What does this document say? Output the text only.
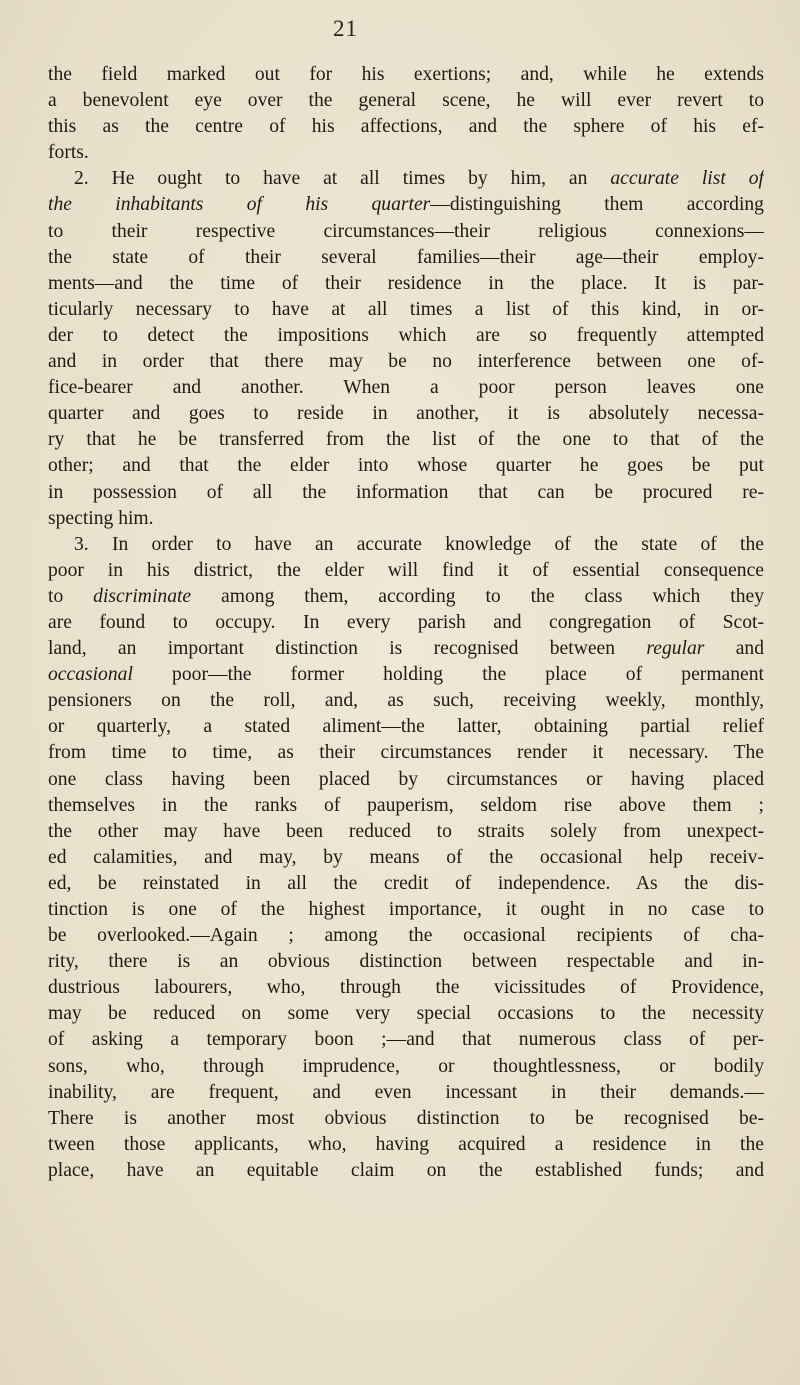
21
the field marked out for his exertions; and, while he extends
a benevolent eye over the general scene, he will ever revert to
this as the centre of his affections, and the sphere of his ef-
forts.
2. He ought to have at all times by him, an accurate list of
the inhabitants of his quarter—distinguishing them according
to their respective circumstances—their religious connexions—
the state of their several families—their age—their employ-
ments—and the time of their residence in the place. It is par-
ticularly necessary to have at all times a list of this kind, in or-
der to detect the impositions which are so frequently attempted
and in order that there may be no interference between one of-
fice-bearer and another. When a poor person leaves one
quarter and goes to reside in another, it is absolutely necessa-
ry that he be transferred from the list of the one to that of the
other; and that the elder into whose quarter he goes be put
in possession of all the information that can be procured re-
specting him.
3. In order to have an accurate knowledge of the state of the
poor in his district, the elder will find it of essential consequence
to discriminate among them, according to the class which they
are found to occupy. In every parish and congregation of Scot-
land, an important distinction is recognised between regular and
occasional poor—the former holding the place of permanent
pensioners on the roll, and, as such, receiving weekly, monthly,
or quarterly, a stated aliment—the latter, obtaining partial relief
from time to time, as their circumstances render it necessary. The
one class having been placed by circumstances or having placed
themselves in the ranks of pauperism, seldom rise above them ;
the other may have been reduced to straits solely from unexpect-
ed calamities, and may, by means of the occasional help receiv-
ed, be reinstated in all the credit of independence. As the dis-
tinction is one of the highest importance, it ought in no case to
be overlooked.—Again ; among the occasional recipients of cha-
rity, there is an obvious distinction between respectable and in-
dustrious labourers, who, through the vicissitudes of Providence,
may be reduced on some very special occasions to the necessity
of asking a temporary boon ;—and that numerous class of per-
sons, who, through imprudence, or thoughtlessness, or bodily
inability, are frequent, and even incessant in their demands.—
There is another most obvious distinction to be recognised be-
tween those applicants, who, having acquired a residence in the
place, have an equitable claim on the established funds; and
